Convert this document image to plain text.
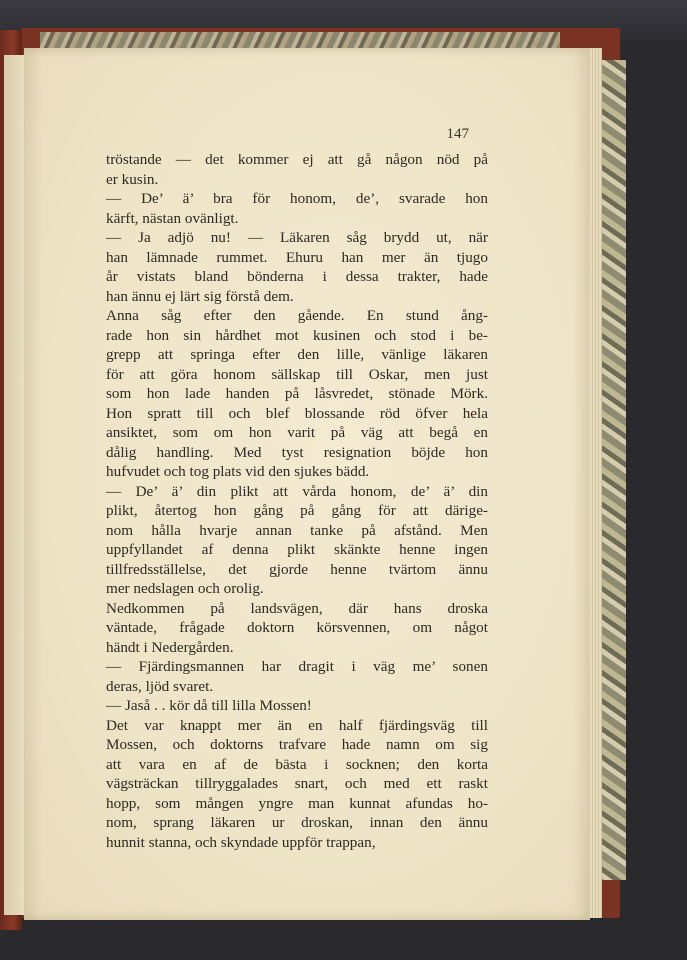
147
tröstande — det kommer ej att gå någon nöd på
er kusin.
— De’ ä’ bra för honom, de’, svarade hon
kärft, nästan ovänligt.
— Ja adjö nu! — Läkaren såg brydd ut, när
han lämnade rummet. Ehuru han mer än tjugo
år vistats bland bönderna i dessa trakter, hade
han ännu ej lärt sig förstå dem.
Anna såg efter den gående. En stund ång-
rade hon sin hårdhet mot kusinen och stod i be-
grepp att springa efter den lille, vänlige läkaren
för att göra honom sällskap till Oskar, men just
som hon lade handen på låsvredet, stönade Mörk.
Hon spratt till och blef blossande röd öfver hela
ansiktet, som om hon varit på väg att begå en
dålig handling. Med tyst resignation böjde hon
hufvudet och tog plats vid den sjukes bädd.
— De’ ä’ din plikt att vårda honom, de’ ä’ din
plikt, återtog hon gång på gång för att därige-
nom hålla hvarje annan tanke på afstånd. Men
uppfyllandet af denna plikt skänkte henne ingen
tillfredsställelse, det gjorde henne tvärtom ännu
mer nedslagen och orolig.
Nedkommen på landsvägen, där hans droska
väntade, frågade doktorn körsvennen, om något
händt i Nedergården.
— Fjärdingsmannen har dragit i väg me’ sonen
deras, ljöd svaret.
— Jaså . . kör då till lilla Mossen!
Det var knappt mer än en half fjärdingsväg till
Mossen, och doktorns trafvare hade namn om sig
att vara en af de bästa i socknen; den korta
vägsträckan tillryggalades snart, och med ett raskt
hopp, som mången yngre man kunnat afundas ho-
nom, sprang läkaren ur droskan, innan den ännu
hunnit stanna, och skyndade uppför trappan,
